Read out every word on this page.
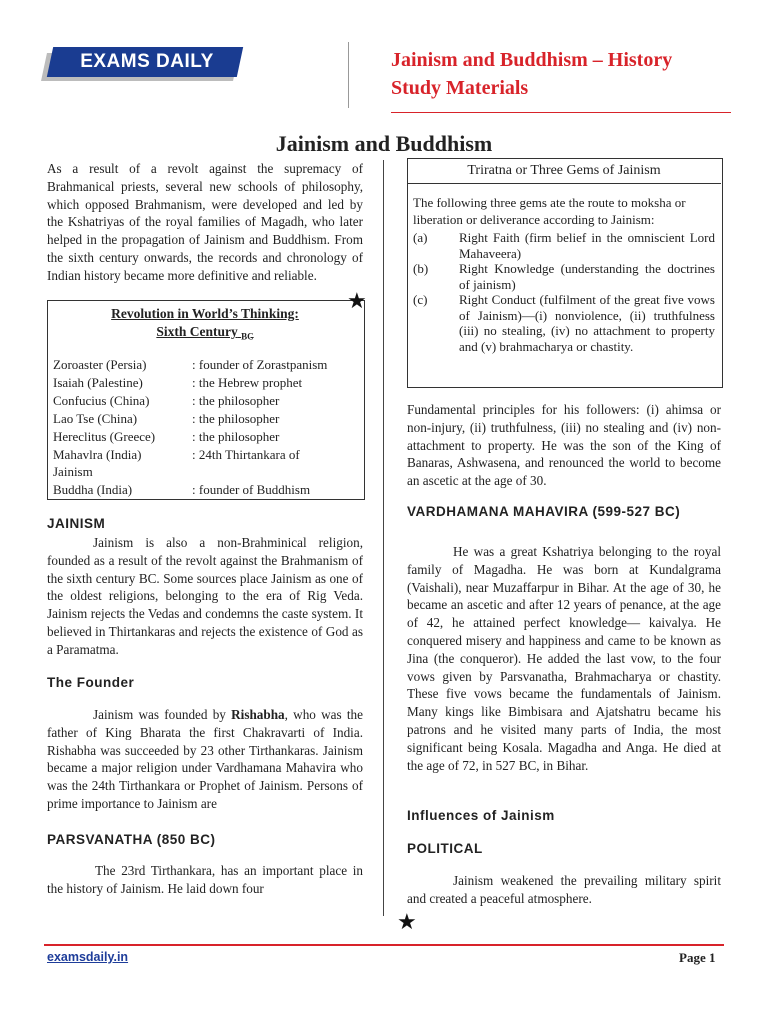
EXAMS DAILY	Jainism and Buddhism – History
Study Materials
Jainism and Buddhism
As a result of a revolt against the supremacy of Brahmanical priests, several new schools of philosophy, which opposed Brahmanism, were developed and led by the Kshatriyas of the royal families of Magadh, who later helped in the propagation of Jainism and Buddhism. From the sixth century onwards, the records and chronology of Indian history became more definitive and reliable.
Revolution in World’s Thinking:
Sixth Century $_{BC}$
Zoroaster (Persia)	: founder of Zorastpanism
Isaiah (Palestine)	: the Hebrew prophet
Confucius (China)	: the philosopher
Lao Tse (China)	: the philosopher
Hereclitus (Greece)	: the philosopher
Mahavlra (India)	: 24th Thirtankara of
Jainism
Buddha (India)	: founder of Buddhism
JAINISM
Jainism is also a non-Brahminical religion, founded as a result of the revolt against the Brahmanism of the sixth century BC. Some sources place Jainism as one of the oldest religions, belonging to the era of Rig Veda. Jainism rejects the Vedas and condemns the caste system. It believed in Thirtankaras and rejects the existence of God as a Paramatma.
The Founder
Jainism was founded by Rishabha, who was the father of King Bharata the first Chakravarti of India. Rishabha was succeeded by 23 other Tirthankaras. Jainism became a major religion under Vardhamana Mahavira who was the 24th Tirthankara or Prophet of Jainism. Persons of prime importance to Jainism are
PARSVANATHA (850 BC)
The 23rd Tirthankara, has an important place in the history of Jainism. He laid down four
★
★
Triratna or Three Gems of Jainism
The following three gems ate the route to moksha or liberation or deliverance according to Jainism:
(a)	Right Faith (firm belief in the omniscient Lord Mahaveera)
(b)	Right Knowledge (understanding the doctrines of jainism)
(c)	Right Conduct (fulfilment of the great five vows of Jainism)—(i) nonviolence, (ii) truthfulness (iii) no stealing, (iv) no attachment to property and (v) brahmacharya or chastity.
Fundamental principles for his followers: (i) ahimsa or non-injury, (ii) truthfulness, (iii) no stealing and (iv) non-attachment to property. He was the son of the King of Banaras, Ashwasena, and renounced the world to become an ascetic at the age of 30.
VARDHAMANA MAHAVIRA (599-527 BC)
He was a great Kshatriya belonging to the royal family of Magadha. He was born at Kundalgrama (Vaishali), near Muzaffarpur in Bihar. At the age of 30, he became an ascetic and after 12 years of penance, at the age of 42, he attained perfect knowledge— kaivalya. He conquered misery and happiness and came to be known as Jina (the conqueror). He added the last vow, to the four vows given by Parsvanatha, Brahmacharya or chastity. These five vows became the fundamentals of Jainism. Many kings like Bimbisara and Ajatshatru became his patrons and he visited many parts of India, the most significant being Kosala. Magadha and Anga. He died at the age of 72, in 527 BC, in Bihar.
Influences of Jainism
POLITICAL
Jainism weakened the prevailing military spirit and created a peaceful atmosphere.
examsdaily.in	Page 1
